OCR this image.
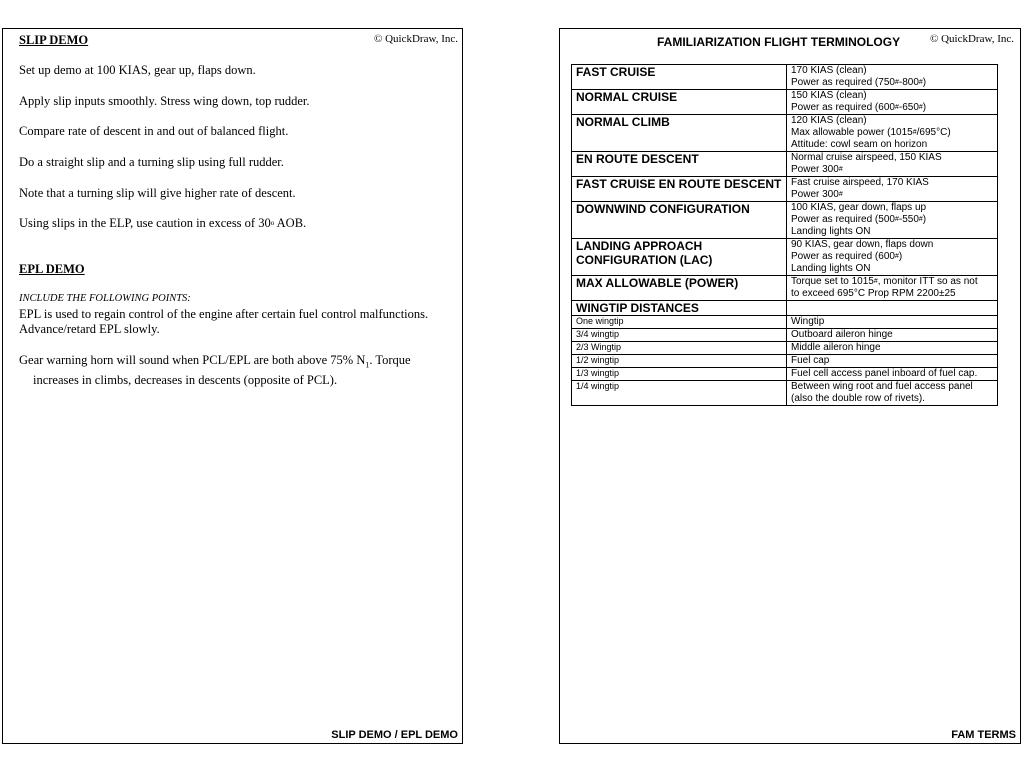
SLIP DEMO	© QuickDraw, Inc.
Set up demo at 100 KIAS, gear up, flaps down.
Apply slip inputs smoothly. Stress wing down, top rudder.
Compare rate of descent in and out of balanced flight.
Do a straight slip and a turning slip using full rudder.
Note that a turning slip will give higher rate of descent.
Using slips in the ELP, use caution in excess of 30$^o$ AOB.
EPL DEMO
INCLUDE THE FOLLOWING POINTS:
EPL is used to regain control of the engine after certain fuel control malfunctions.
Advance/retard EPL slowly.
Gear warning horn will sound when PCL/EPL are both above 75% $N_1$. Torque
increases in climbs, decreases in descents (opposite of PCL).
SLIP DEMO / EPL DEMO
FAMILIARIZATION FLIGHT TERMINOLOGY	© QuickDraw, Inc.
FAST CRUISE	170 KIAS (clean)
Power as required (750#-800#)

NORMAL CRUISE	150 KIAS (clean)
Power as required (600#-650#)

NORMAL CLIMB	120 KIAS (clean)
Max allowable power (1015#/695°C)
Attitude: cowl seam on horizon

EN ROUTE DESCENT	Normal cruise airspeed, 150 KIAS
Power 300#

FAST CRUISE EN ROUTE DESCENT	Fast cruise airspeed, 170 KIAS
Power 300#

DOWNWIND CONFIGURATION	100 KIAS, gear down, flaps up
Power as required (500#-550#)
Landing lights ON

LANDING APPROACH CONFIGURATION (LAC)	90 KIAS, gear down, flaps down
Power as required (600#)
Landing lights ON

MAX ALLOWABLE (POWER)	Torque set to 1015#, monitor ITT so as not
to exceed 695°C Prop RPM 2200±25

WINGTIP DISTANCES	
One wingtip	Wingtip
3/4 wingtip	Outboard aileron hinge
2/3 Wingtip	Middle aileron hinge
1/2 wingtip	Fuel cap
1/3 wingtip	Fuel cell access panel inboard of fuel cap.
1/4 wingtip	Between wing root and fuel access panel (also the double row of rivets).
FAM TERMS
